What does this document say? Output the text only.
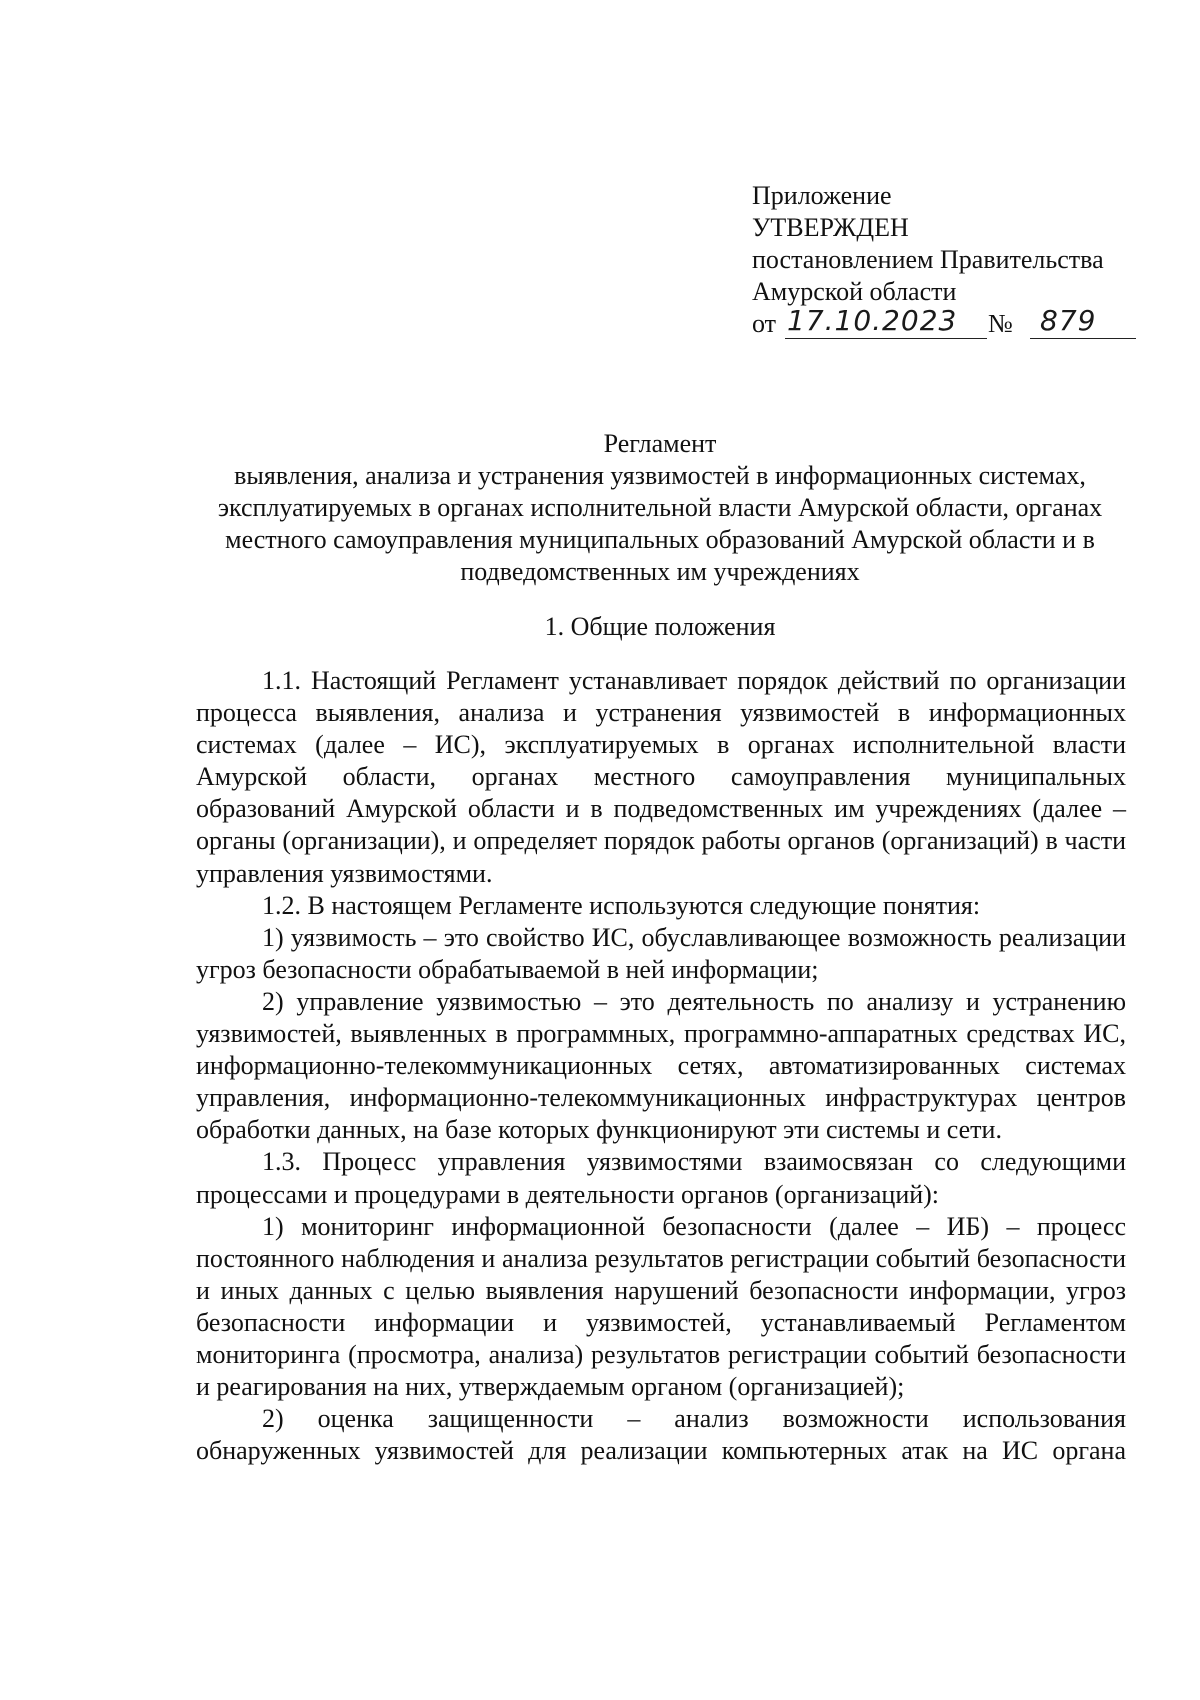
Приложение
УТВЕРЖДЕН
постановлением Правительства
Амурской области
от 17.10.2023	№ 879
Регламент
выявления, анализа и устранения уязвимостей в информационных системах, эксплуатируемых в органах исполнительной власти Амурской области, органах местного самоуправления муниципальных образований Амурской области и в подведомственных им учреждениях
1. Общие положения

1.1. Настоящий Регламент устанавливает порядок действий по организации процесса выявления, анализа и устранения уязвимостей в информационных системах (далее – ИС), эксплуатируемых в органах исполнительной власти Амурской области, органах местного самоуправления муниципальных образований Амурской области и в подведомственных им учреждениях (далее – органы (организации), и определяет порядок работы органов (организаций) в части управления уязвимостями.

1.2. В настоящем Регламенте используются следующие понятия:

1) уязвимость – это свойство ИС, обуславливающее возможность реализации угроз безопасности обрабатываемой в ней информации;

2) управление уязвимостью – это деятельность по анализу и устранению уязвимостей, выявленных в программных, программно-аппаратных средствах ИС, информационно-телекоммуникационных сетях, автоматизированных системах управления, информационно-телекоммуникационных инфраструктурах центров обработки данных, на базе которых функционируют эти системы и сети.

1.3. Процесс управления уязвимостями взаимосвязан со следующими процессами и процедурами в деятельности органов (организаций):

1) мониторинг информационной безопасности (далее – ИБ) – процесс постоянного наблюдения и анализа результатов регистрации событий безопасности и иных данных с целью выявления нарушений безопасности информации, угроз безопасности информации и уязвимостей, устанавливаемый Регламентом мониторинга (просмотра, анализа) результатов регистрации событий безопасности и реагирования на них, утверждаемым органом (организацией);

2) оценка защищенности – анализ возможности использования обнаруженных уязвимостей для реализации компьютерных атак на ИС органа
